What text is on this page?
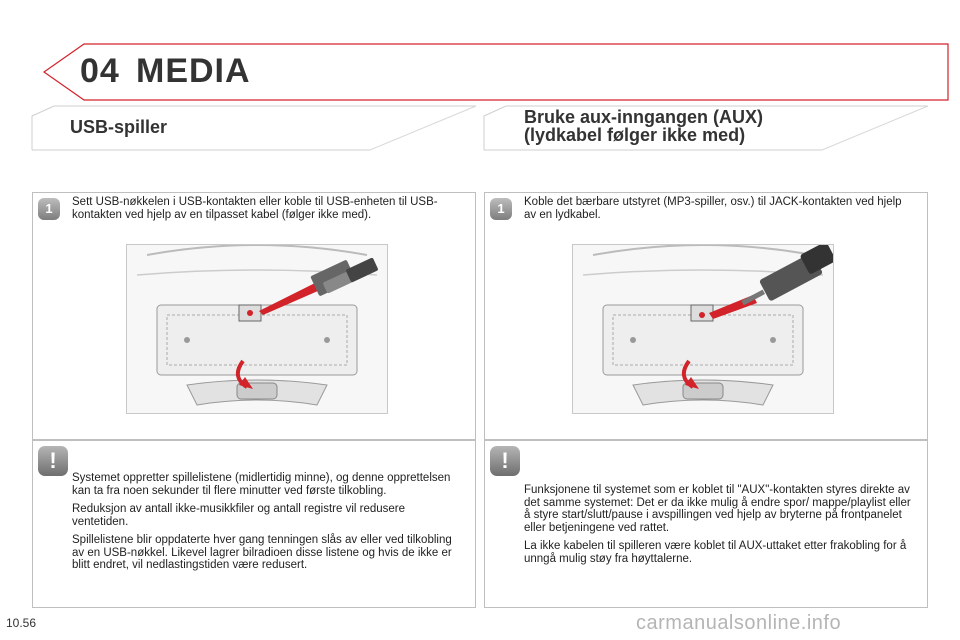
04 MEDIA
USB-spiller	Bruke aux-inngangen (AUX)
(lydkabel følger ikke med)
1	Sett USB-nøkkelen i USB-kontakten eller koble til USB-enheten til USB-kontakten ved hjelp av en tilpasset kabel (følger ikke med).
!

Systemet oppretter spillelistene (midlertidig minne), og denne opprettelsen kan ta fra noen sekunder til flere minutter ved første tilkobling.

Reduksjon av antall ikke-musikkfiler og antall registre vil redusere ventetiden.

Spillelistene blir oppdaterte hver gang tenningen slås av eller ved tilkobling av en USB-nøkkel. Likevel lagrer bilradioen disse listene og hvis de ikke er blitt endret, vil nedlastingstiden være redusert.

1	Koble det bærbare utstyret (MP3-spiller, osv.) til JACK-kontakten ved hjelp av en lydkabel.
!

Funksjonene til systemet som er koblet til "AUX"-kontakten styres direkte av det samme systemet: Det er da ikke mulig å endre spor/ mappe/playlist eller å styre start/slutt/pause i avspillingen ved hjelp av bryterne på frontpanelet eller betjeningene ved rattet.

La ikke kabelen til spilleren være koblet til AUX-uttaket etter frakobling for å unngå mulig støy fra høyttalerne.

10.56	carmanualsonline.info
